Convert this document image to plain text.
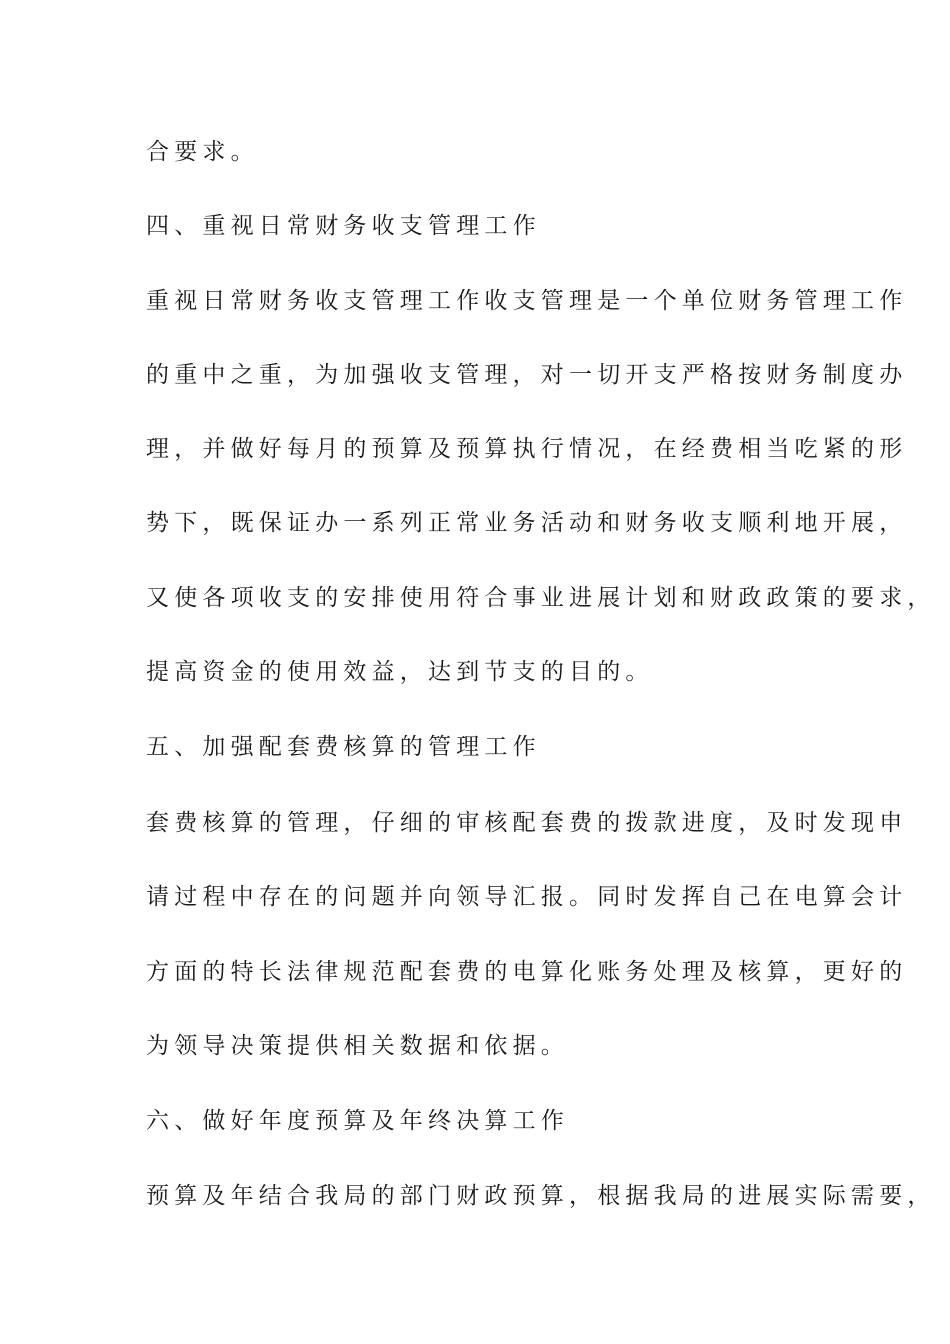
合要求。
四、重视日常财务收支管理工作
重视日常财务收支管理工作收支管理是一个单位财务管理工作
的重中之重，为加强收支管理，对一切开支严格按财务制度办
理，并做好每月的预算及预算执行情况，在经费相当吃紧的形
势下，既保证办一系列正常业务活动和财务收支顺利地开展，
又使各项收支的安排使用符合事业进展计划和财政政策的要求，
提高资金的使用效益，达到节支的目的。
五、加强配套费核算的管理工作
套费核算的管理，仔细的审核配套费的拨款进度，及时发现申
请过程中存在的问题并向领导汇报。同时发挥自己在电算会计
方面的特长法律规范配套费的电算化账务处理及核算，更好的
为领导决策提供相关数据和依据。
六、做好年度预算及年终决算工作
预算及年结合我局的部门财政预算，根据我局的进展实际需要，
